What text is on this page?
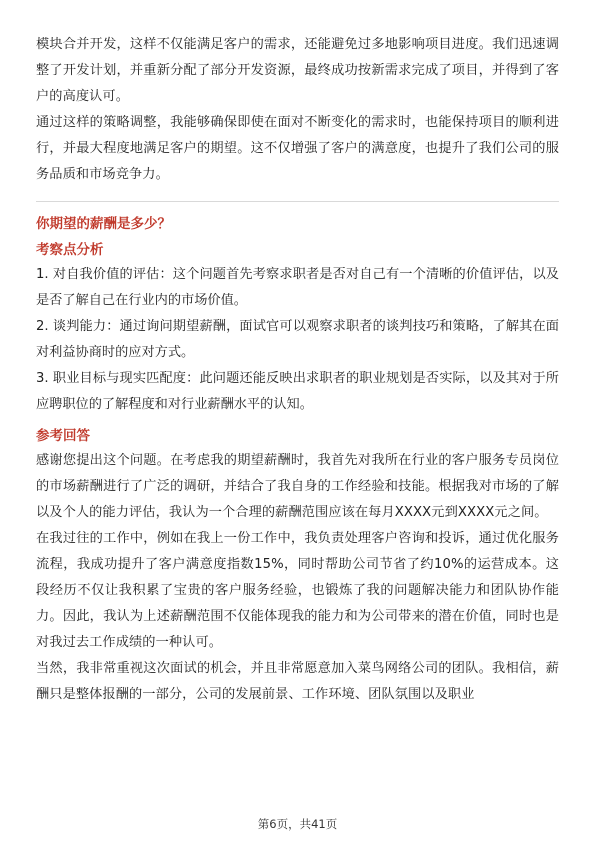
模块合并开发，这样不仅能满足客户的需求，还能避免过多地影响项目进度。我们迅速调整了开发计划，并重新分配了部分开发资源，最终成功按新需求完成了项目，并得到了客户的高度认可。

通过这样的策略调整，我能够确保即使在面对不断变化的需求时，也能保持项目的顺利进行，并最大程度地满足客户的期望。这不仅增强了客户的满意度，也提升了我们公司的服务品质和市场竞争力。

你期望的薪酬是多少？

考察点分析

1. 对自我价值的评估：这个问题首先考察求职者是否对自己有一个清晰的价值评估，以及是否了解自己在行业内的市场价值。

2. 谈判能力：通过询问期望薪酬，面试官可以观察求职者的谈判技巧和策略，了解其在面对利益协商时的应对方式。

3. 职业目标与现实匹配度：此问题还能反映出求职者的职业规划是否实际，以及其对于所应聘职位的了解程度和对行业薪酬水平的认知。

参考回答

感谢您提出这个问题。在考虑我的期望薪酬时，我首先对我所在行业的客户服务专员岗位的市场薪酬进行了广泛的调研，并结合了我自身的工作经验和技能。根据我对市场的了解以及个人的能力评估，我认为一个合理的薪酬范围应该在每月XXXX元到XXXX元之间。

在我过往的工作中，例如在我上一份工作中，我负责处理客户咨询和投诉，通过优化服务流程，我成功提升了客户满意度指数15%，同时帮助公司节省了约10%的运营成本。这段经历不仅让我积累了宝贵的客户服务经验，也锻炼了我的问题解决能力和团队协作能力。因此，我认为上述薪酬范围不仅能体现我的能力和为公司带来的潜在价值，同时也是对我过去工作成绩的一种认可。

当然，我非常重视这次面试的机会，并且非常愿意加入菜鸟网络公司的团队。我相信，薪酬只是整体报酬的一部分，公司的发展前景、工作环境、团队氛围以及职业

第6页，共41页
